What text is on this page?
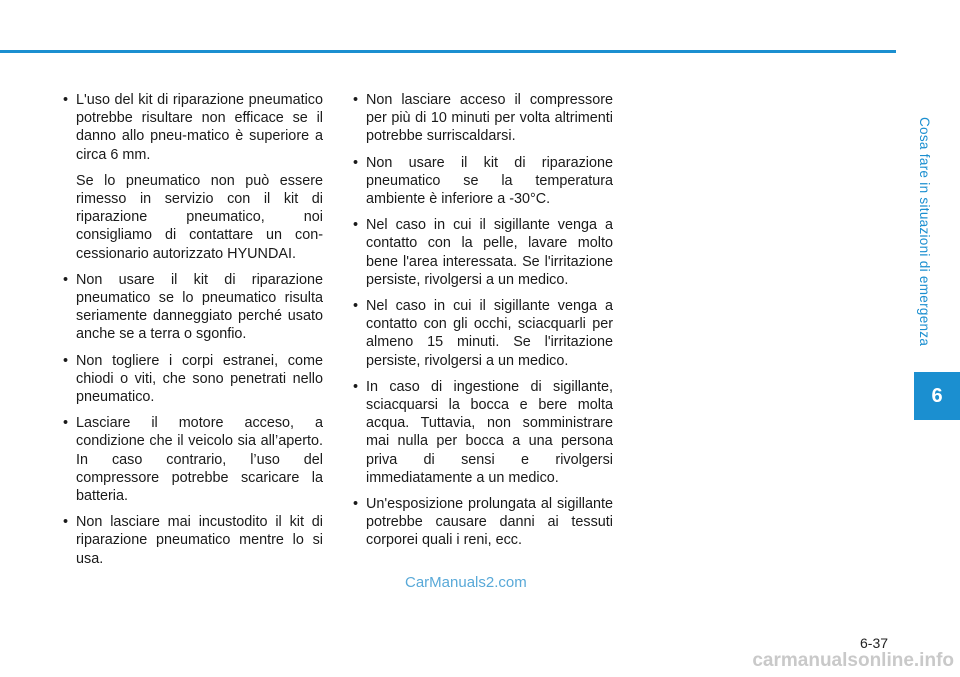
Cosa fare in situazioni di emergenza
6
• L'uso del kit di riparazione pneumatico potrebbe risultare non efficace se il danno allo pneu-matico è superiore a circa 6 mm.
Se lo pneumatico non può essere rimesso in servizio con il kit di riparazione pneumatico, noi consigliamo di contattare un con-cessionario autorizzato HYUNDAI.
• Non usare il kit di riparazione pneumatico se lo pneumatico risulta seriamente danneggiato perché usato anche se a terra o sgonfio.
• Non togliere i corpi estranei, come chiodi o viti, che sono penetrati nello pneumatico.
• Lasciare il motore acceso, a condizione che il veicolo sia all’aperto. In caso contrario, l’uso del compressore potrebbe scaricare la batteria.
• Non lasciare mai incustodito il kit di riparazione pneumatico mentre lo si usa.
• Non lasciare acceso il compressore per più di 10 minuti per volta altrimenti potrebbe surriscaldarsi.
• Non usare il kit di riparazione pneumatico se la temperatura ambiente è inferiore a -30°C.
• Nel caso in cui il sigillante venga a contatto con la pelle, lavare molto bene l'area interessata. Se l'irritazione persiste, rivolgersi a un medico.
• Nel caso in cui il sigillante venga a contatto con gli occhi, sciacquarli per almeno 15 minuti. Se l'irritazione persiste, rivolgersi a un medico.
• In caso di ingestione di sigillante, sciacquarsi la bocca e bere molta acqua. Tuttavia, non somministrare mai nulla per bocca a una persona priva di sensi e rivolgersi immediatamente a un medico.
• Un'esposizione prolungata al sigillante potrebbe causare danni ai tessuti corporei quali i reni, ecc.
CarManuals2.com
6-37
carmanualsonline.info
